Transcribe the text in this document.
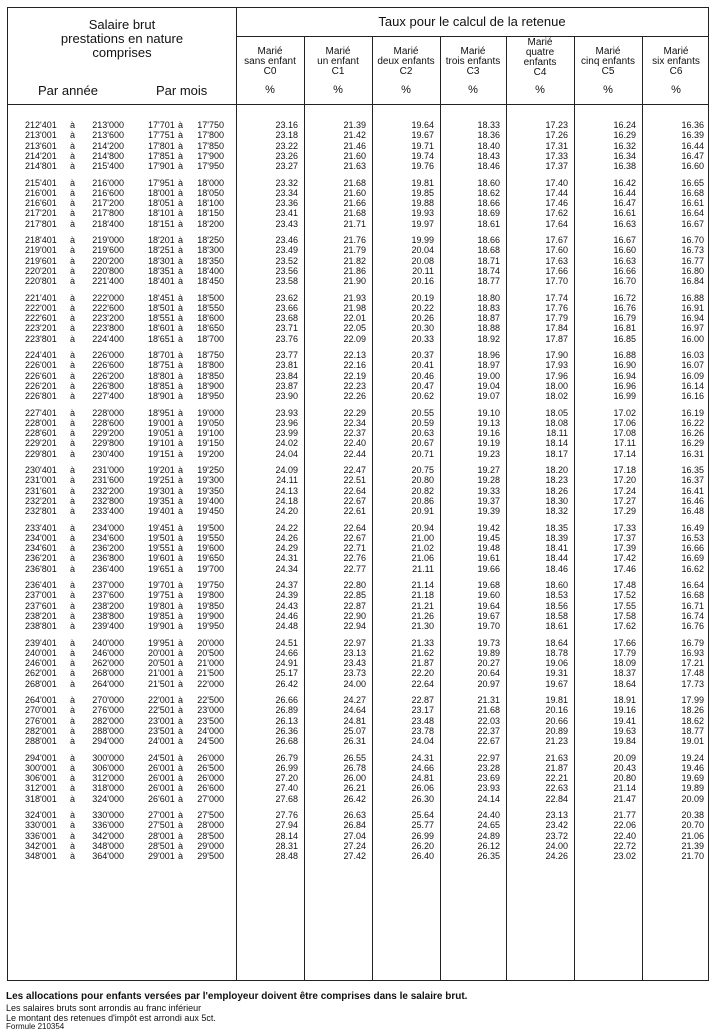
Salaire brut
prestations en nature
comprises
Taux pour le calcul de la retenue
Marié
sans enfant
C0
Marié
un enfant
C1
Marié
deux enfants
C2
Marié
trois enfants
C3
Marié
quatre
enfants
C4
Marié
cinq enfants
C5
Marié
six enfants
C6
Par année	Par mois	%	%	%	%	%	%	%
212'401	à	213'000	17'701 à	17'750	23.16	21.39	19.64	18.33	17.23	16.24	16.36
213'001	à	213'600	17'751 à	17'800	23.18	21.42	19.67	18.36	17.26	16.29	16.39
213'601	à	214'200	17'801 à	17'850	23.22	21.46	19.71	18.40	17.31	16.32	16.44
214'201	à	214'800	17'851 à	17'900	23.26	21.60	19.74	18.43	17.33	16.34	16.47
214'801	à	215'400	17'901 à	17'950	23.27	21.63	19.76	18.46	17.37	16.38	16.60
215'401	à	216'000	17'951 à	18'000	23.32	21.68	19.81	18.60	17.40	16.42	16.65
216'001	à	216'600	18'001 à	18'050	23.34	21.60	19.85	18.62	17.44	16.44	16.68
216'601	à	217'200	18'051 à	18'100	23.36	21.66	19.88	18.66	17.46	16.47	16.61
217'201	à	217'800	18'101 à	18'150	23.41	21.68	19.93	18.69	17.62	16.61	16.64
217'801	à	218'400	18'151 à	18'200	23.43	21.71	19.97	18.61	17.64	16.63	16.67
218'401	à	219'000	18'201 à	18'250	23.46	21.76	19.99	18.66	17.67	16.67	16.70
219'001	à	219'600	18'251 à	18'300	23.49	21.79	20.04	18.68	17.60	16.60	16.73
219'601	à	220'200	18'301 à	18'350	23.52	21.82	20.08	18.71	17.63	16.63	16.77
220'201	à	220'800	18'351 à	18'400	23.56	21.86	20.11	18.74	17.66	16.66	16.80
220'801	à	221'400	18'401 à	18'450	23.58	21.90	20.16	18.77	17.70	16.70	16.84
221'401	à	222'000	18'451 à	18'500	23.62	21.93	20.19	18.80	17.74	16.72	16.88
222'001	à	222'600	18'501 à	18'550	23.66	21.98	20.22	18.83	17.76	16.76	16.91
222'601	à	223'200	18'551 à	18'600	23.68	22.01	20.26	18.87	17.79	16.79	16.94
223'201	à	223'800	18'601 à	18'650	23.71	22.05	20.30	18.88	17.84	16.81	16.97
223'801	à	224'400	18'651 à	18'700	23.76	22.09	20.33	18.92	17.87	16.85	16.00
224'401	à	226'000	18'701 à	18'750	23.77	22.13	20.37	18.96	17.90	16.88	16.03
226'001	à	226'600	18'751 à	18'800	23.81	22.16	20.41	18.97	17.93	16.90	16.07
226'601	à	226'200	18'801 à	18'850	23.84	22.19	20.46	19.00	17.96	16.94	16.09
226'201	à	226'800	18'851 à	18'900	23.87	22.23	20.47	19.04	18.00	16.96	16.14
226'801	à	227'400	18'901 à	18'950	23.90	22.26	20.62	19.07	18.02	16.99	16.16
227'401	à	228'000	18'951 à	19'000	23.93	22.29	20.55	19.10	18.05	17.02	16.19
228'001	à	228'600	19'001 à	19'050	23.96	22.34	20.59	19.13	18.08	17.06	16.22
228'601	à	229'200	19'051 à	19'100	23.99	22.37	20.63	19.16	18.11	17.08	16.26
229'201	à	229'800	19'101 à	19'150	24.02	22.40	20.67	19.19	18.14	17.11	16.29
229'801	à	230'400	19'151 à	19'200	24.04	22.44	20.71	19.23	18.17	17.14	16.31
230'401	à	231'000	19'201 à	19'250	24.09	22.47	20.75	19.27	18.20	17.18	16.35
231'001	à	231'600	19'251 à	19'300	24.11	22.51	20.80	19.28	18.23	17.20	16.37
231'601	à	232'200	19'301 à	19'350	24.13	22.64	20.82	19.33	18.26	17.24	16.41
232'201	à	232'800	19'351 à	19'400	24.18	22.67	20.86	19.37	18.30	17.27	16.46
232'801	à	233'400	19'401 à	19'450	24.20	22.61	20.91	19.39	18.32	17.29	16.48
233'401	à	234'000	19'451 à	19'500	24.22	22.64	20.94	19.42	18.35	17.33	16.49
234'001	à	234'600	19'501 à	19'550	24.26	22.67	21.00	19.45	18.39	17.37	16.53
234'601	à	236'200	19'551 à	19'600	24.29	22.71	21.02	19.48	18.41	17.39	16.66
236'201	à	236'800	19'601 à	19'650	24.31	22.76	21.06	19.61	18.44	17.42	16.69
236'801	à	236'400	19'651 à	19'700	24.34	22.77	21.11	19.66	18.46	17.46	16.62
236'401	à	237'000	19'701 à	19'750	24.37	22.80	21.14	19.68	18.60	17.48	16.64
237'001	à	237'600	19'751 à	19'800	24.39	22.85	21.18	19.60	18.53	17.52	16.68
237'601	à	238'200	19'801 à	19'850	24.43	22.87	21.21	19.64	18.56	17.55	16.71
238'201	à	238'800	19'851 à	19'900	24.46	22.90	21.26	19.67	18.58	17.58	16.74
238'801	à	239'400	19'901 à	19'950	24.48	22.94	21.30	19.70	18.61	17.62	16.76
239'401	à	240'000	19'951 à	20'000	24.51	22.97	21.33	19.73	18.64	17.66	16.79
240'001	à	246'000	20'001 à	20'500	24.66	23.13	21.62	19.89	18.78	17.79	16.93
246'001	à	262'000	20'501 à	21'000	24.91	23.43	21.87	20.27	19.06	18.09	17.21
262'001	à	268'000	21'001 à	21'500	25.17	23.73	22.20	20.64	19.31	18.37	17.48
268'001	à	264'000	21'501 à	22'000	26.42	24.00	22.64	20.97	19.67	18.64	17.73
264'001	à	270'000	22'001 à	22'500	26.66	24.27	22.87	21.31	19.81	18.91	17.99
270'001	à	276'000	22'501 à	23'000	26.89	24.64	23.17	21.68	20.16	19.16	18.26
276'001	à	282'000	23'001 à	23'500	26.13	24.81	23.48	22.03	20.66	19.41	18.62
282'001	à	288'000	23'501 à	24'000	26.36	25.07	23.78	22.37	20.89	19.63	18.77
288'001	à	294'000	24'001 à	24'500	26.68	26.31	24.04	22.67	21.23	19.84	19.01
294'001	à	300'000	24'501 à	26'000	26.79	26.55	24.31	22.97	21.63	20.09	19.24
300'001	à	306'000	26'001 à	26'500	26.99	26.78	24.66	23.28	21.87	20.43	19.46
306'001	à	312'000	26'001 à	26'000	27.20	26.00	24.81	23.69	22.21	20.80	19.69
312'001	à	318'000	26'001 à	26'600	27.40	26.21	26.06	23.93	22.63	21.14	19.89
318'001	à	324'000	26'601 à	27'000	27.68	26.42	26.30	24.14	22.84	21.47	20.09
324'001	à	330'000	27'001 à	27'500	27.76	26.63	25.64	24.40	23.13	21.77	20.38
330'001	à	336'000	27'501 à	28'000	27.94	26.84	25.77	24.65	23.42	22.06	20.70
336'001	à	342'000	28'001 à	28'500	28.14	27.04	26.99	24.89	23.72	22.40	21.06
342'001	à	348'000	28'501 à	29'000	28.31	27.24	26.20	26.12	24.00	22.72	21.39
348'001	à	364'000	29'001 à	29'500	28.48	27.42	26.40	26.35	24.26	23.02	21.70
Les allocations pour enfants versées par l'employeur doivent être comprises dans le salaire brut.
Les salaires bruts sont arrondis au franc inférieur
Le montant des retenues d'impôt est arrondi aux 5ct.
Formule 210354
